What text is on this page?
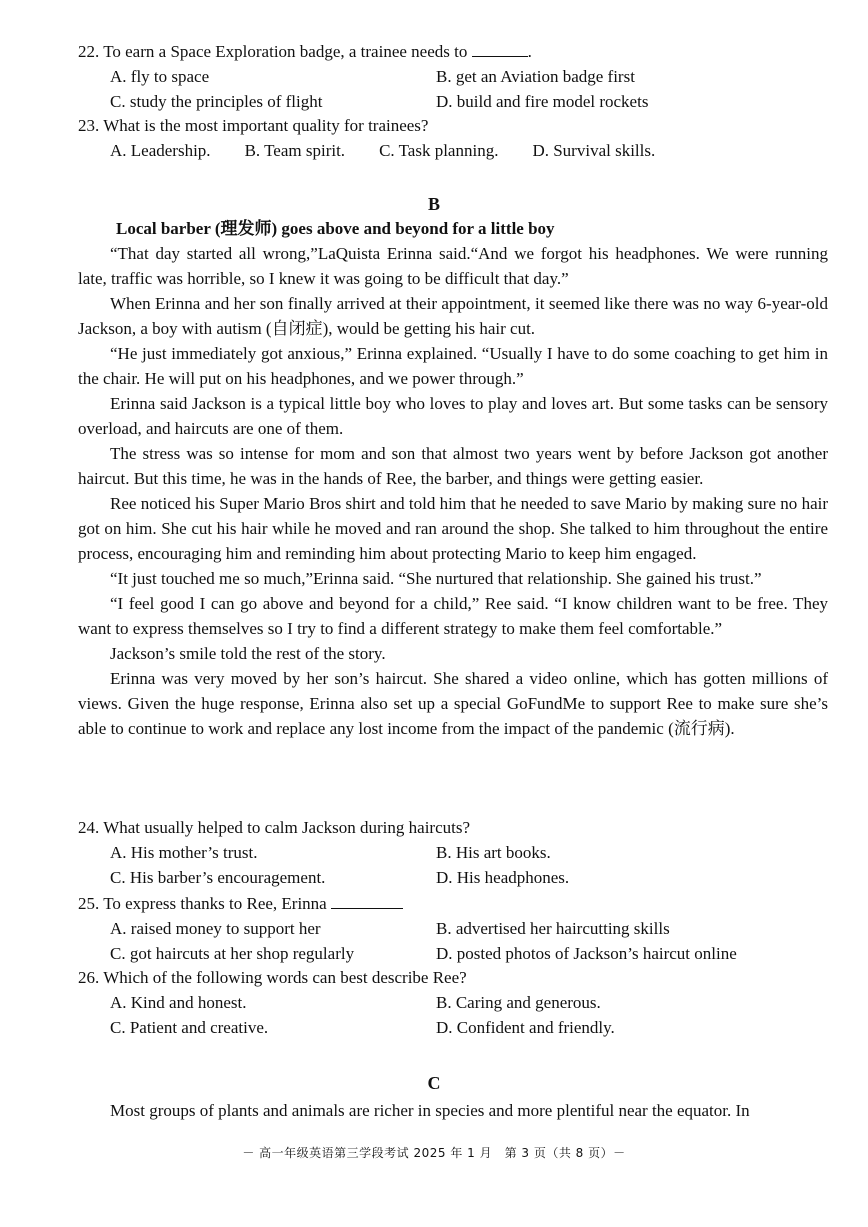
22. To earn a Space Exploration badge, a trainee needs to	.
A. fly to space	B. get an Aviation badge first
C. study the principles of flight	D. build and fire model rockets
23. What is the most important quality for trainees?
A. Leadership. B. Team spirit. C. Task planning. D. Survival skills.
B
Local barber (理发师) goes above and beyond for a little boy

“That day started all wrong,”LaQuista Erinna said.“And we forgot his headphones. We were running late, traffic was horrible, so I knew it was going to be difficult that day.”

When Erinna and her son finally arrived at their appointment, it seemed like there was no way 6-year-old Jackson, a boy with autism (自闭症), would be getting his hair cut.

“He just immediately got anxious,” Erinna explained. “Usually I have to do some coaching to get him in the chair. He will put on his headphones, and we power through.”

Erinna said Jackson is a typical little boy who loves to play and loves art. But some tasks can be sensory overload, and haircuts are one of them.

The stress was so intense for mom and son that almost two years went by before Jackson got another haircut. But this time, he was in the hands of Ree, the barber, and things were getting easier.

Ree noticed his Super Mario Bros shirt and told him that he needed to save Mario by making sure no hair got on him. She cut his hair while he moved and ran around the shop. She talked to him throughout the entire process, encouraging him and reminding him about protecting Mario to keep him engaged.

“It just touched me so much,”Erinna said. “She nurtured that relationship. She gained his trust.”

“I feel good I can go above and beyond for a child,” Ree said. “I know children want to be free. They want to express themselves so I try to find a different strategy to make them feel comfortable.”

Jackson’s smile told the rest of the story.

Erinna was very moved by her son’s haircut. She shared a video online, which has gotten millions of views. Given the huge response, Erinna also set up a special GoFundMe to support Ree to make sure she’s able to continue to work and replace any lost income from the impact of the pandemic (流行病).

24. What usually helped to calm Jackson during haircuts?
A. His mother’s trust.	B. His art books.
C. His barber’s encouragement.	D. His headphones.
25. To express thanks to Ree, Erinna
A. raised money to support her	B. advertised her haircutting skills
C. got haircuts at her shop regularly	D. posted photos of Jackson’s haircut online
26. Which of the following words can best describe Ree?
A. Kind and honest.	B. Caring and generous.
C. Patient and creative.	D. Confident and friendly.
C

Most groups of plants and animals are richer in species and more plentiful near the equator. In

－ 高一年级英语第三学段考试 2025 年 1 月　第 3 页（共 8 页）－
